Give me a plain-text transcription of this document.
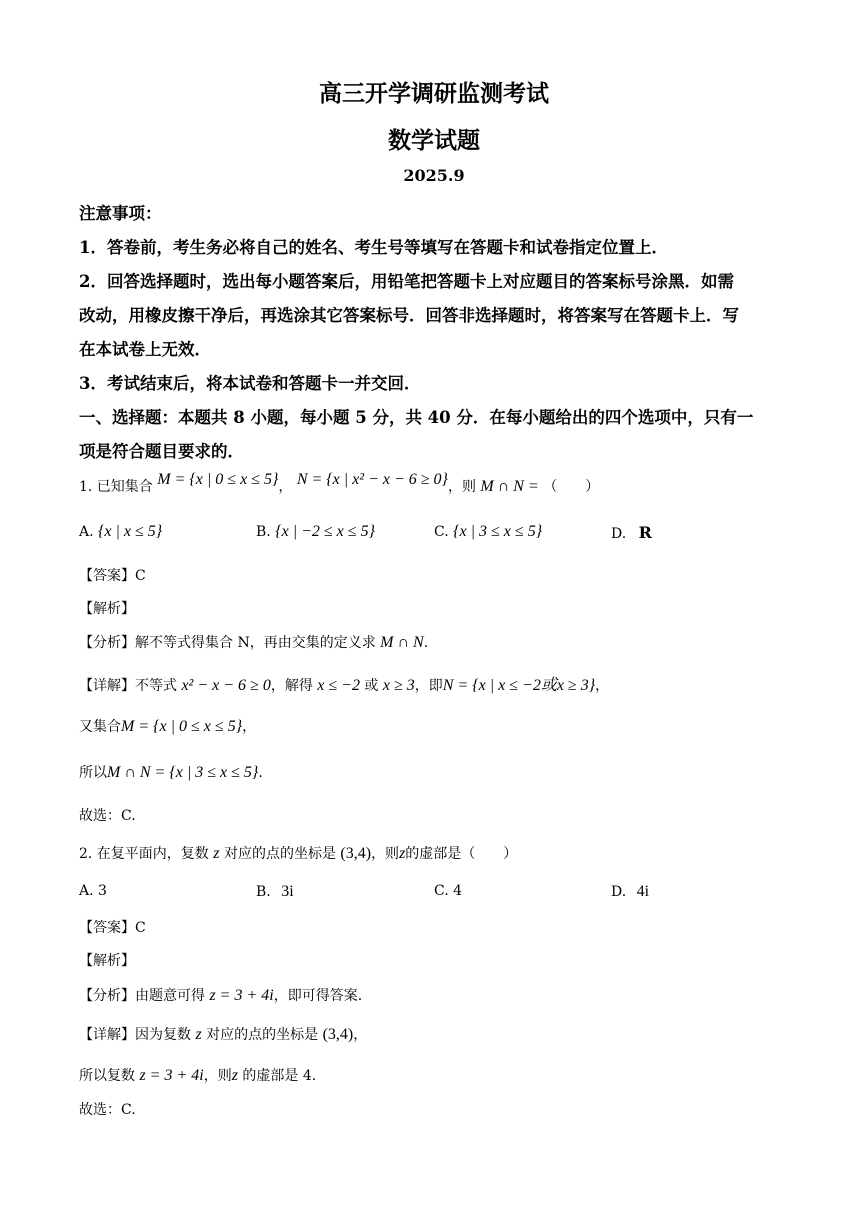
高三开学调研监测考试
数学试题
2025.9
注意事项：
1．答卷前，考生务必将自己的姓名、考生号等填写在答题卡和试卷指定位置上．
2．回答选择题时，选出每小题答案后，用铅笔把答题卡上对应题目的答案标号涂黑．如需
改动，用橡皮擦干净后，再选涂其它答案标号．回答非选择题时，将答案写在答题卡上．写
在本试卷上无效．
3．考试结束后，将本试卷和答题卡一并交回．
一、选择题：本题共 8 小题，每小题 5 分，共 40 分．在每小题给出的四个选项中，只有一
项是符合题目要求的．
1. 已知集合 M = {x | 0 ≤ x ≤ 5}， N = {x | x² − x − 6 ≥ 0}，则 M ∩ N = （　　）
A. {x | x ≤ 5}	B. {x | −2 ≤ x ≤ 5}	C. {x | 3 ≤ x ≤ 5}	D. R
【答案】C
【解析】
【分析】解不等式得集合 N，再由交集的定义求 M ∩ N.
【详解】不等式 x² − x − 6 ≥ 0，解得 x ≤ −2 或 x ≥ 3，即N = {x | x ≤ −2或x ≥ 3}，
又集合M = {x | 0 ≤ x ≤ 5}，
所以M ∩ N = {x | 3 ≤ x ≤ 5}.
故选：C.
2. 在复平面内，复数 z 对应的点的坐标是 (3,4)，则z的虚部是（　　）
A. 3	B. 3i	C. 4	D. 4i
【答案】C
【解析】
【分析】由题意可得 z = 3 + 4i，即可得答案.
【详解】因为复数 z 对应的点的坐标是 (3,4)，
所以复数 z = 3 + 4i，则z 的虚部是 4.
故选：C.
